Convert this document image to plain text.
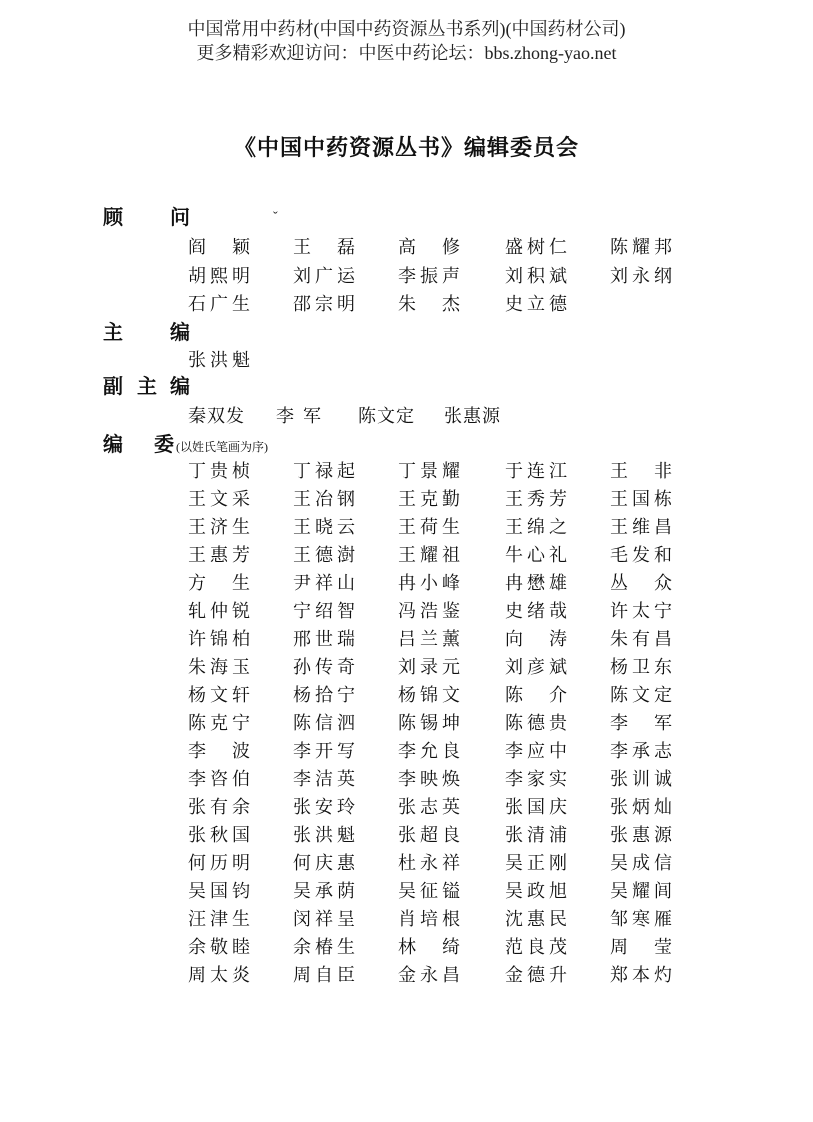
中国常用中药材(中国中药资源丛书系列)(中国药材公司)
更多精彩欢迎访问：中医中药论坛：bbs.zhong-yao.net
《中国中药资源丛书》编辑委员会
ˇ
顾 问
阎颖 王磊 高修 盛树仁 陈耀邦
胡熙明 刘广运 李振声 刘积斌 刘永纲
石广生 邵宗明 朱杰 史立德
主 编
张洪魁
副 主 编
秦双发 李军 陈文定 张惠源
编 委 (以姓氏笔画为序)
丁贵桢 丁禄起 丁景耀 于连江 王非
王文采 王冶钢 王克勤 王秀芳 王国栋
王济生 王晓云 王荷生 王绵之 王维昌
王惠芳 王德澍 王耀祖 牛心礼 毛发和
方生 尹祥山 冉小峰 冉懋雄 丛众
轧仲锐 宁绍智 冯浩鉴 史绪哉 许太宁
许锦柏 邢世瑞 吕兰薰 向涛 朱有昌
朱海玉 孙传奇 刘录元 刘彦斌 杨卫东
杨文轩 杨拾宁 杨锦文 陈介 陈文定
陈克宁 陈信泗 陈锡坤 陈德贵 李军
李波 李开写 李允良 李应中 李承志
李咨伯 李洁英 李映焕 李家实 张训诚
张有余 张安玲 张志英 张国庆 张炳灿
张秋国 张洪魁 张超良 张清浦 张惠源
何历明 何庆惠 杜永祥 吴正刚 吴成信
吴国钧 吴承荫 吴征镒 吴政旭 吴耀闾
汪津生 闵祥呈 肖培根 沈惠民 邹寒雁
余敬睦 余椿生 林绮 范良茂 周莹
周太炎 周自臣 金永昌 金德升 郑本灼
